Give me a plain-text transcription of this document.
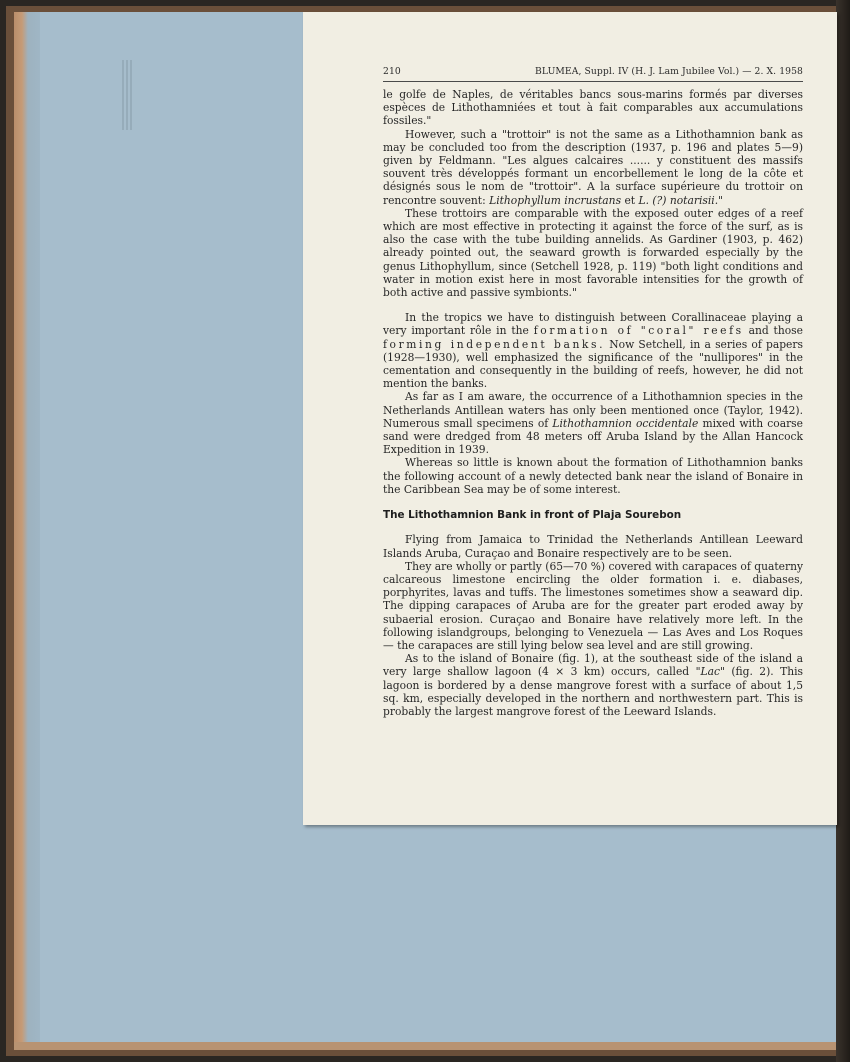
210	BLUMEA, Suppl. IV (H. J. Lam Jubilee Vol.) — 2. X. 1958

le golfe de Naples, de véritables bancs sous-marins formés par diverses espèces de Lithothamniées et tout à fait comparables aux accumulations fossiles."

However, such a "trottoir" is not the same as a Lithothamnion bank as may be concluded too from the description (1937, p. 196 and plates 5—9) given by Feldmann. "Les algues calcaires ...... y constituent des massifs souvent très développés formant un encorbellement le long de la côte et désignés sous le nom de "trottoir". A la surface supérieure du trottoir on rencontre souvent: Lithophyllum incrustans et L. (?) notarisii."

These trottoirs are comparable with the exposed outer edges of a reef which are most effective in protecting it against the force of the surf, as is also the case with the tube building annelids. As Gardiner (1903, p. 462) already pointed out, the seaward growth is forwarded especially by the genus Lithophyllum, since (Setchell 1928, p. 119) "both light conditions and water in motion exist here in most favorable intensities for the growth of both active and passive symbionts."

In the tropics we have to distinguish between Corallinaceae playing a very important rôle in the formation of "coral" reefs and those forming independent banks. Now Setchell, in a series of papers (1928—1930), well emphasized the significance of the "nullipores" in the cementation and consequently in the building of reefs, however, he did not mention the banks.

As far as I am aware, the occurrence of a Lithothamnion species in the Netherlands Antillean waters has only been mentioned once (Taylor, 1942). Numerous small specimens of Lithothamnion occidentale mixed with coarse sand were dredged from 48 meters off Aruba Island by the Allan Hancock Expedition in 1939.

Whereas so little is known about the formation of Lithothamnion banks the following account of a newly detected bank near the island of Bonaire in the Caribbean Sea may be of some interest.

The Lithothamnion Bank in front of Plaja Sourebon

Flying from Jamaica to Trinidad the Netherlands Antillean Leeward Islands Aruba, Curaçao and Bonaire respectively are to be seen.

They are wholly or partly (65—70 %) covered with carapaces of quaterny calcareous limestone encircling the older formation i. e. diabases, porphyrites, lavas and tuffs. The limestones sometimes show a seaward dip. The dipping carapaces of Aruba are for the greater part eroded away by subaerial erosion. Curaçao and Bonaire have relatively more left. In the following islandgroups, belonging to Venezuela — Las Aves and Los Roques — the carapaces are still lying below sea level and are still growing.

As to the island of Bonaire (fig. 1), at the southeast side of the island a very large shallow lagoon (4 × 3 km) occurs, called "Lac" (fig. 2). This lagoon is bordered by a dense mangrove forest with a surface of about 1,5 sq. km, especially developed in the northern and northwestern part. This is probably the largest mangrove forest of the Leeward Islands.
